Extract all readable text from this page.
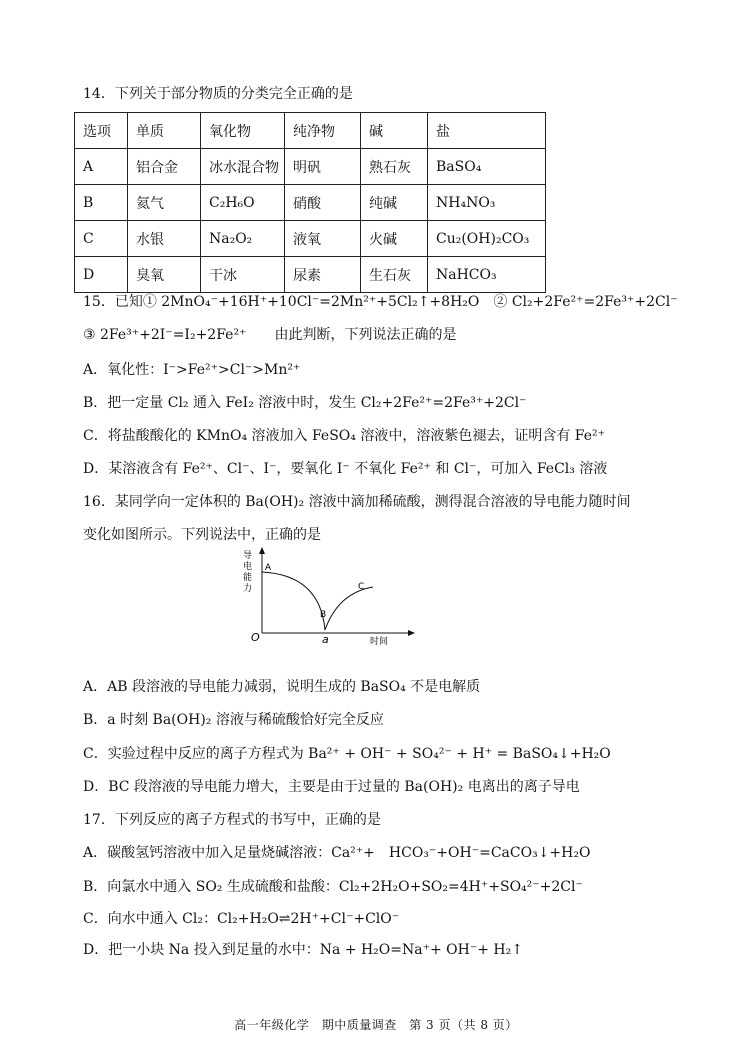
14．下列关于部分物质的分类完全正确的是
选项	单质	氧化物	纯净物	碱	盐
A	铝合金	冰水混合物	明矾	熟石灰	BaSO₄
B	氦气	C₂H₆O	硝酸	纯碱	NH₄NO₃
C	水银	Na₂O₂	液氧	火碱	Cu₂(OH)₂CO₃
D	臭氧	干冰	尿素	生石灰	NaHCO₃
15．已知① 2MnO₄⁻+16H⁺+10Cl⁻=2Mn²⁺+5Cl₂↑+8H₂O　② Cl₂+2Fe²⁺=2Fe³⁺+2Cl⁻
③ 2Fe³⁺+2I⁻=I₂+2Fe²⁺　　由此判断，下列说法正确的是
A．氧化性：I⁻>Fe²⁺>Cl⁻>Mn²⁺
B．把一定量 Cl₂ 通入 FeI₂ 溶液中时，发生 Cl₂+2Fe²⁺=2Fe³⁺+2Cl⁻
C．将盐酸酸化的 KMnO₄ 溶液加入 FeSO₄ 溶液中，溶液紫色褪去，证明含有 Fe²⁺
D．某溶液含有 Fe²⁺、Cl⁻、I⁻，要氧化 I⁻ 不氧化 Fe²⁺ 和 Cl⁻，可加入 FeCl₃ 溶液
16．某同学向一定体积的 Ba(OH)₂ 溶液中滴加稀硫酸，测得混合溶液的导电能力随时间
变化如图所示。下列说法中，正确的是
导
电
能
力
O	a	时间
A
B
C
A．AB 段溶液的导电能力减弱，说明生成的 BaSO₄ 不是电解质
B．a 时刻 Ba(OH)₂ 溶液与稀硫酸恰好完全反应
C．实验过程中反应的离子方程式为 Ba²⁺ + OH⁻ + SO₄²⁻ + H⁺ = BaSO₄↓+H₂O
D．BC 段溶液的导电能力增大，主要是由于过量的 Ba(OH)₂ 电离出的离子导电
17．下列反应的离子方程式的书写中，正确的是
A．碳酸氢钙溶液中加入足量烧碱溶液：Ca²⁺+　HCO₃⁻+OH⁻=CaCO₃↓+H₂O
B．向氯水中通入 SO₂ 生成硫酸和盐酸：Cl₂+2H₂O+SO₂=4H⁺+SO₄²⁻+2Cl⁻
C．向水中通入 Cl₂：Cl₂+H₂O⇌2H⁺+Cl⁻+ClO⁻
D．把一小块 Na 投入到足量的水中：Na + H₂O=Na⁺+ OH⁻+ H₂↑
高一年级化学　期中质量调查　第 3 页（共 8 页）
